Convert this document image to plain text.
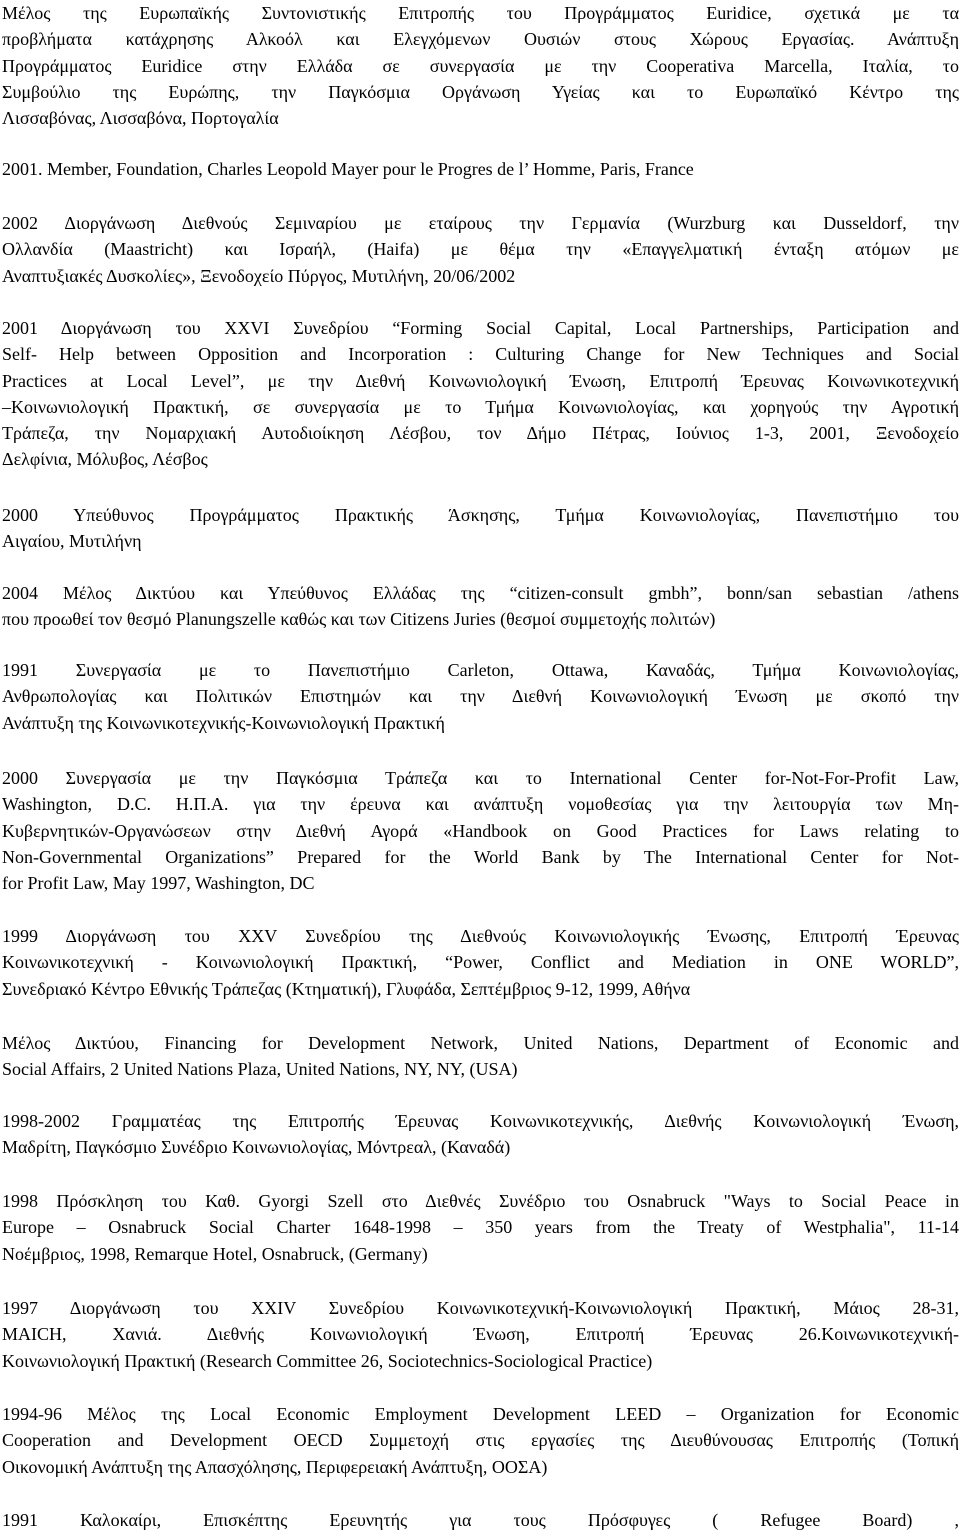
Μέλος της Ευρωπαϊκής Συντονιστικής Επιτροπής του Προγράμματος Euridice, σχετικά με τα
προβλήματα κατάχρησης Αλκοόλ και Ελεγχόμενων Ουσιών στους Χώρους Εργασίας. Ανάπτυξη
Προγράμματος Euridice στην Ελλάδα σε συνεργασία με την Cooperativa Marcella, Ιταλία, το
Συμβούλιο της Ευρώπης, την Παγκόσμια Οργάνωση Υγείας και το Ευρωπαϊκό Κέντρο της
Λισσαβόνας, Λισσαβόνα, Πορτογαλία
2001. Member, Foundation, Charles Leopold Mayer pour le Progres de l’ Homme, Paris, France
2002 Διοργάνωση Διεθνούς Σεμιναρίου με εταίρους την Γερμανία (Wurzburg και Dusseldorf, την
Ολλανδία (Maastricht) και Ισραήλ, (Haifa) με θέμα την «Επαγγελματική ένταξη ατόμων με
Αναπτυξιακές Δυσκολίες», Ξενοδοχείο Πύργος, Μυτιλήνη, 20/06/2002
2001 Διοργάνωση του XXVI Συνεδρίου “Forming Social Capital, Local Partnerships, Participation and
Self- Help between Opposition and Incorporation : Culturing Change for New Techniques and Social
Practices at Local Level”, με την Διεθνή Κοινωνιολογική Ένωση, Επιτροπή Έρευνας Κοινωνικοτεχνική
–Κοινωνιολογική Πρακτική, σε συνεργασία με το Τμήμα Κοινωνιολογίας, και χορηγούς την Αγροτική
Τράπεζα, την Νομαρχιακή Αυτοδιοίκηση Λέσβου, τον Δήμο Πέτρας, Ιούνιος 1-3, 2001, Ξενοδοχείο
Δελφίνια, Μόλυβος, Λέσβος
2000 Υπεύθυνος Προγράμματος Πρακτικής Άσκησης, Τμήμα Κοινωνιολογίας, Πανεπιστήμιο του
Αιγαίου, Μυτιλήνη
2004 Μέλος Δικτύου και Υπεύθυνος Ελλάδας της “citizen-consult gmbh”, bonn/san sebastian /athens
που προωθεί τον θεσμό Planungszelle καθώς και των Citizens Juries (θεσμοί συμμετοχής πολιτών)
1991 Συνεργασία με το Πανεπιστήμιο Carleton, Ottawa, Καναδάς, Τμήμα Κοινωνιολογίας,
Ανθρωπολογίας και Πολιτικών Επιστημών και την Διεθνή Κοινωνιολογική Ένωση με σκοπό την
Ανάπτυξη της Κοινωνικοτεχνικής-Κοινωνιολογική Πρακτική
2000 Συνεργασία με την Παγκόσμια Τράπεζα και το International Center for-Not-For-Profit Law,
Washington, D.C. Η.Π.Α. για την έρευνα και ανάπτυξη νομοθεσίας για την λειτουργία των Μη-
Κυβερνητικών-Οργανώσεων στην Διεθνή Αγορά «Handbook on Good Practices for Laws relating to
Non-Governmental Organizations” Prepared for the World Bank by The International Center for Not-
for Profit Law, May 1997, Washington, DC
1999 Διοργάνωση του XXV Συνεδρίου της Διεθνούς Κοινωνιολογικής Ένωσης, Επιτροπή Έρευνας
Κοινωνικοτεχνική - Κοινωνιολογική Πρακτική, “Power, Conflict and Mediation in ONE WORLD”,
Συνεδριακό Κέντρο Εθνικής Τράπεζας (Κτηματική), Γλυφάδα, Σεπτέμβριος 9-12, 1999, Αθήνα
Μέλος Δικτύου, Financing for Development Network, United Nations, Department of Economic and
Social Affairs, 2 United Nations Plaza, United Nations, NY, NY, (USA)
1998-2002 Γραμματέας της Επιτροπής Έρευνας Κοινωνικοτεχνικής, Διεθνής Κοινωνιολογική Ένωση,
Μαδρίτη, Παγκόσμιο Συνέδριο Κοινωνιολογίας, Μόντρεαλ, (Καναδά)
1998 Πρόσκληση του Καθ. Gyorgi Szell στο Διεθνές Συνέδριο του Osnabruck "Ways to Social Peace in
Europe – Osnabruck Social Charter 1648-1998 – 350 years from the Treaty of Westphalia", 11-14
Νοέμβριος, 1998, Remarque Hotel, Osnabruck, (Germany)
1997 Διοργάνωση του XXIV Συνεδρίου Κοινωνικοτεχνική-Κοινωνιολογική Πρακτική, Μάιος 28-31,
MAICH, Χανιά. Διεθνής Κοινωνιολογική Ένωση, Επιτροπή Έρευνας 26.Κοινωνικοτεχνική-
Κοινωνιολογική Πρακτική (Research Committee 26, Sociotechnics-Sociological Practice)
1994-96 Μέλος της Local Economic Employment Development LEED – Organization for Economic
Cooperation and Development OECD Συμμετοχή στις εργασίες της Διευθύνουσας Επιτροπής (Τοπική
Οικονομική Ανάπτυξη της Απασχόλησης, Περιφερειακή Ανάπτυξη, ΟΟΣΑ)
1991 Καλοκαίρι, Επισκέπτης Ερευνητής για τους Πρόσφυγες ( Refugee Board) ,
